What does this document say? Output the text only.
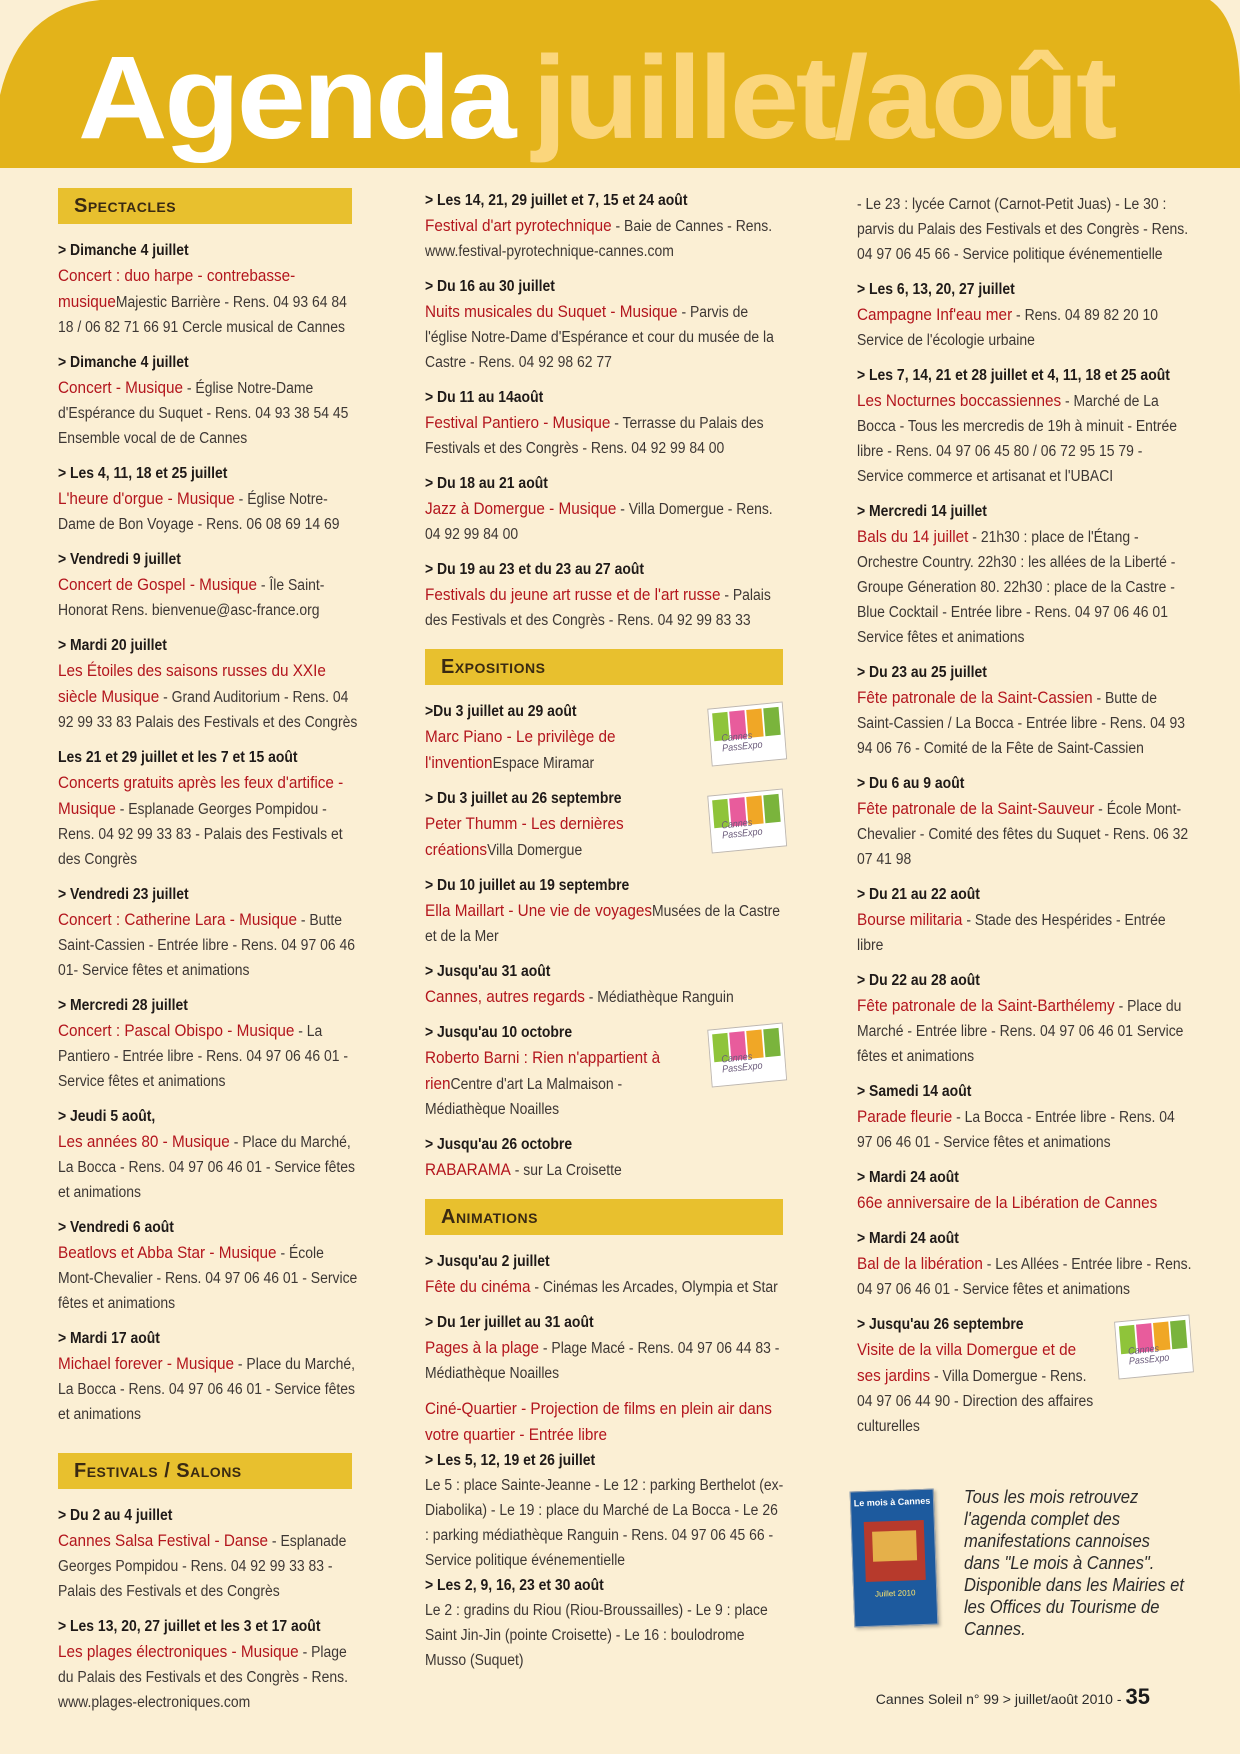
Agenda juillet/août
Spectacles
> Dimanche 4 juillet
Concert : duo harpe - contrebasse-musiqueMajestic Barrière - Rens. 04 93 64 84 18 / 06 82 71 66 91 Cercle musical de Cannes
> Dimanche 4 juillet
Concert - Musique - Église Notre-Dame d'Espérance du Suquet - Rens. 04 93 38 54 45 Ensemble vocal de de Cannes
> Les 4, 11, 18 et 25 juillet
L'heure d'orgue - Musique - Église Notre-Dame de Bon Voyage - Rens. 06 08 69 14 69
> Vendredi 9 juillet
Concert de Gospel - Musique - Île Saint-Honorat Rens. bienvenue@asc-france.org
> Mardi 20 juillet
Les Étoiles des saisons russes du XXIe siècle Musique - Grand Auditorium - Rens. 04 92 99 33 83 Palais des Festivals et des Congrès
Les 21 et 29 juillet et les 7 et 15 août
Concerts gratuits après les feux d'artifice - Musique - Esplanade Georges Pompidou - Rens. 04 92 99 33 83 - Palais des Festivals et des Congrès
> Vendredi 23 juillet
Concert : Catherine Lara - Musique - Butte Saint-Cassien - Entrée libre - Rens. 04 97 06 46 01- Service fêtes et animations
> Mercredi 28 juillet
Concert : Pascal Obispo - Musique - La Pantiero - Entrée libre - Rens. 04 97 06 46 01 - Service fêtes et animations
> Jeudi 5 août,
Les années 80 - Musique - Place du Marché, La Bocca - Rens. 04 97 06 46 01 - Service fêtes et animations
> Vendredi 6 août
Beatlovs et Abba Star - Musique - École Mont-Chevalier - Rens. 04 97 06 46 01 - Service fêtes et animations
> Mardi 17 août
Michael forever - Musique - Place du Marché, La Bocca - Rens. 04 97 06 46 01 - Service fêtes et animations
Festivals / Salons
> Du 2 au 4 juillet
Cannes Salsa Festival - Danse - Esplanade Georges Pompidou - Rens. 04 92 99 33 83 - Palais des Festivals et des Congrès
> Les 13, 20, 27 juillet et les 3 et 17 août
Les plages électroniques - Musique - Plage du Palais des Festivals et des Congrès - Rens. www.plages-electroniques.com
> Les 14, 21, 29 juillet et 7, 15 et 24 août
Festival d'art pyrotechnique - Baie de Cannes - Rens. www.festival-pyrotechnique-cannes.com
> Du 16 au 30 juillet
Nuits musicales du Suquet - Musique - Parvis de l'église Notre-Dame d'Espérance et cour du musée de la Castre - Rens. 04 92 98 62 77
> Du 11 au 14août
Festival Pantiero - Musique - Terrasse du Palais des Festivals et des Congrès - Rens. 04 92 99 84 00
> Du 18 au 21 août
Jazz à Domergue - Musique - Villa Domergue - Rens. 04 92 99 84 00
> Du 19 au 23 et du 23 au 27 août
Festivals du jeune art russe et de l'art russe - Palais des Festivals et des Congrès - Rens. 04 92 99 83 33
Expositions
>Du 3 juillet au 29 août
Marc Piano - Le privilège de l'inventionEspace Miramar
Cannes PassExpo
> Du 3 juillet au 26 septembre
Peter Thumm - Les dernières créationsVilla Domergue
Cannes PassExpo
> Du 10 juillet au 19 septembre
Ella Maillart - Une vie de voyagesMusées de la Castre et de la Mer
> Jusqu'au 31 août
Cannes, autres regards - Médiathèque Ranguin
> Jusqu'au 10 octobre
Roberto Barni : Rien n'appartient à rienCentre d'art La Malmaison - Médiathèque Noailles
Cannes PassExpo
> Jusqu'au 26 octobre
RABARAMA - sur La Croisette
Animations
> Jusqu'au 2 juillet
Fête du cinéma - Cinémas les Arcades, Olympia et Star
> Du 1er juillet au 31 août
Pages à la plage - Plage Macé - Rens. 04 97 06 44 83 - Médiathèque Noailles
Ciné-Quartier - Projection de films en plein air dans votre quartier - Entrée libre
> Les 5, 12, 19 et 26 juillet
Le 5 : place Sainte-Jeanne - Le 12 : parking Berthelot (ex-Diabolika) - Le 19 : place du Marché de La Bocca - Le 26 : parking médiathèque Ranguin - Rens. 04 97 06 45 66 - Service politique événementielle
> Les 2, 9, 16, 23 et 30 août
Le 2 : gradins du Riou (Riou-Broussailles) - Le 9 : place Saint Jin-Jin (pointe Croisette) - Le 16 : boulodrome Musso (Suquet)
- Le 23 : lycée Carnot (Carnot-Petit Juas) - Le 30 : parvis du Palais des Festivals et des Congrès - Rens. 04 97 06 45 66 - Service politique événementielle
> Les 6, 13, 20, 27 juillet
Campagne Inf'eau mer - Rens. 04 89 82 20 10 Service de l'écologie urbaine
> Les 7, 14, 21 et 28 juillet et 4, 11, 18 et 25 août
Les Nocturnes boccassiennes - Marché de La Bocca - Tous les mercredis de 19h à minuit - Entrée libre - Rens. 04 97 06 45 80 / 06 72 95 15 79 - Service commerce et artisanat et l'UBACI
> Mercredi 14 juillet
Bals du 14 juillet - 21h30 : place de l'Étang - Orchestre Country. 22h30 : les allées de la Liberté - Groupe Géneration 80. 22h30 : place de la Castre - Blue Cocktail - Entrée libre - Rens. 04 97 06 46 01 Service fêtes et animations
> Du 23 au 25 juillet
Fête patronale de la Saint-Cassien - Butte de Saint-Cassien / La Bocca - Entrée libre - Rens. 04 93 94 06 76 - Comité de la Fête de Saint-Cassien
> Du 6 au 9 août
Fête patronale de la Saint-Sauveur - École Mont-Chevalier - Comité des fêtes du Suquet - Rens. 06 32 07 41 98
> Du 21 au 22 août
Bourse militaria - Stade des Hespérides - Entrée libre
> Du 22 au 28 août
Fête patronale de la Saint-Barthélemy - Place du Marché - Entrée libre - Rens. 04 97 06 46 01 Service fêtes et animations
> Samedi 14 août
Parade fleurie - La Bocca - Entrée libre - Rens. 04 97 06 46 01 - Service fêtes et animations
> Mardi 24 août
66e anniversaire de la Libération de Cannes
> Mardi 24 août
Bal de la libération - Les Allées - Entrée libre - Rens. 04 97 06 46 01 - Service fêtes et animations
> Jusqu'au 26 septembre
Visite de la villa Domergue et de ses jardins - Villa Domergue - Rens. 04 97 06 44 90 - Direction des affaires culturelles
Cannes PassExpo
Le mois à Cannes
Juillet 2010
Tous les mois retrouvez l'agenda complet des manifestations cannoises dans "Le mois à Cannes". Disponible dans les Mairies et les Offices du Tourisme de Cannes.
Cannes Soleil n° 99 > juillet/août 2010 - 35
